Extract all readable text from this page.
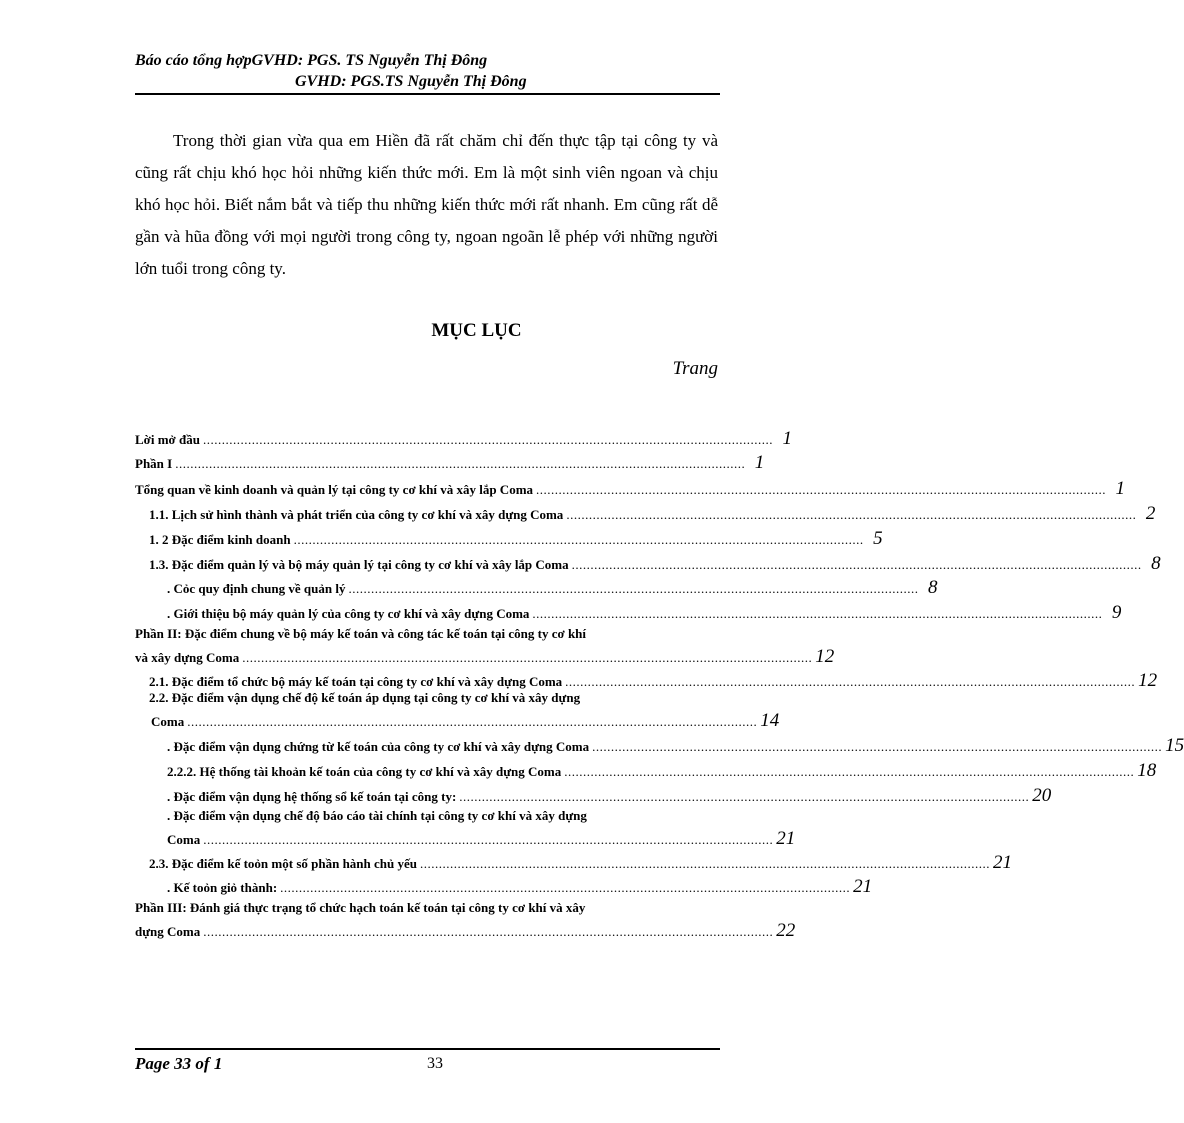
Báo cáo tổng hợpGVHD: PGS. TS Nguyễn Thị Đông
GVHD: PGS.TS Nguyễn Thị Đông
Trong thời gian vừa qua em Hiền đã rất chăm chỉ đến thực tập tại công ty và cũng rất chịu khó học hỏi những kiến thức mới. Em là một sinh viên ngoan và chịu khó học hỏi. Biết nắm bắt và tiếp thu những kiến thức mới rất nhanh. Em cũng rất dễ gần và hũa đồng với mọi người trong công ty, ngoan ngoãn lễ phép với những người lớn tuổi trong công ty.
MỤC LỤC
Trang
Lời mở đầu ........................................................................................................................................................ 1
Phần I ........................................................................................................................................................ 1
Tổng quan về kinh doanh và quản lý tại công ty cơ khí và xây lắp Coma ........................................................................................................................................................ 1
1.1. Lịch sử hình thành và phát triển của công ty cơ khí và xây dựng Coma ........................................................................................................................................................ 2
1. 2 Đặc điểm kinh doanh ........................................................................................................................................................ 5
1.3. Đặc điểm quản lý và bộ máy quản lý tại công ty cơ khí và xây lắp Coma ........................................................................................................................................................ 8
. Cỏc quy định chung về quản lý ........................................................................................................................................................ 8
. Giới thiệu bộ máy quản lý của công ty cơ khí và xây dựng Coma ........................................................................................................................................................ 9
Phần II: Đặc điểm chung về bộ máy kế toán và công tác kế toán tại công ty cơ khí
và xây dựng Coma ........................................................................................................................................................ 12
2.1. Đặc điểm tổ chức bộ máy kế toán tại công ty cơ khí và xây dựng Coma ........................................................................................................................................................ 12
2.2. Đặc điểm vận dụng chế độ kế toán áp dụng tại công ty cơ khí và xây dựng
Coma ........................................................................................................................................................ 14
. Đặc điểm vận dụng chứng từ kế toán của công ty cơ khí và xây dựng Coma ........................................................................................................................................................ 15
2.2.2. Hệ thống tài khoản kế toán của công ty cơ khí và xây dựng Coma ........................................................................................................................................................ 18
. Đặc điểm vận dụng hệ thống sổ kế toán tại công ty: ........................................................................................................................................................ 20
. Đặc điểm vận dụng chế độ báo cáo tài chính tại công ty cơ khí và xây dựng
Coma ........................................................................................................................................................ 21
2.3. Đặc điểm kế toỏn một số phần hành chủ yếu ........................................................................................................................................................ 21
. Kế toỏn giỏ thành: ........................................................................................................................................................ 21
Phần III: Đánh giá thực trạng tổ chức hạch toán kế toán tại công ty cơ khí và xây
dựng Coma ........................................................................................................................................................ 22
Page 33 of 1	33
